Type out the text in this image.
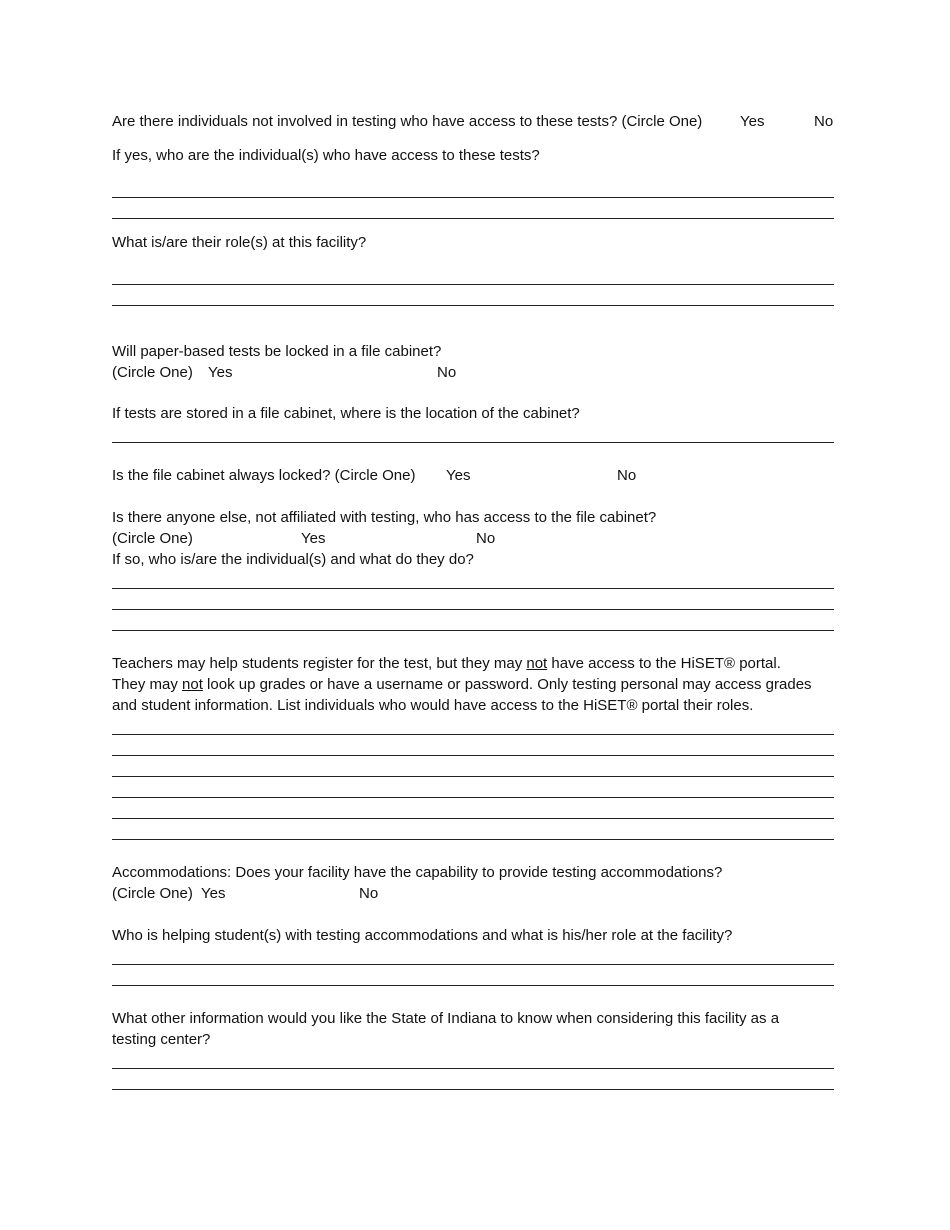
Are there individuals not involved in testing who have access to these tests? (Circle One)	Yes	No
If yes, who are the individual(s) who have access to these tests?
What is/are their role(s) at this facility?
Will paper-based tests be locked in a file cabinet?
(Circle One) Yes	No
If tests are stored in a file cabinet, where is the location of the cabinet?
Is the file cabinet always locked? (Circle One) Yes	No
Is there anyone else, not affiliated with testing, who has access to the file cabinet?
(Circle One)	Yes	No
If so, who is/are the individual(s) and what do they do?
Teachers may help students register for the test, but they may not have access to the HiSET® portal.
They may not look up grades or have a username or password. Only testing personal may access grades
and student information. List individuals who would have access to the HiSET® portal their roles.
Accommodations: Does your facility have the capability to provide testing accommodations?
(Circle One) Yes	No
Who is helping student(s) with testing accommodations and what is his/her role at the facility?
What other information would you like the State of Indiana to know when considering this facility as a
testing center?
